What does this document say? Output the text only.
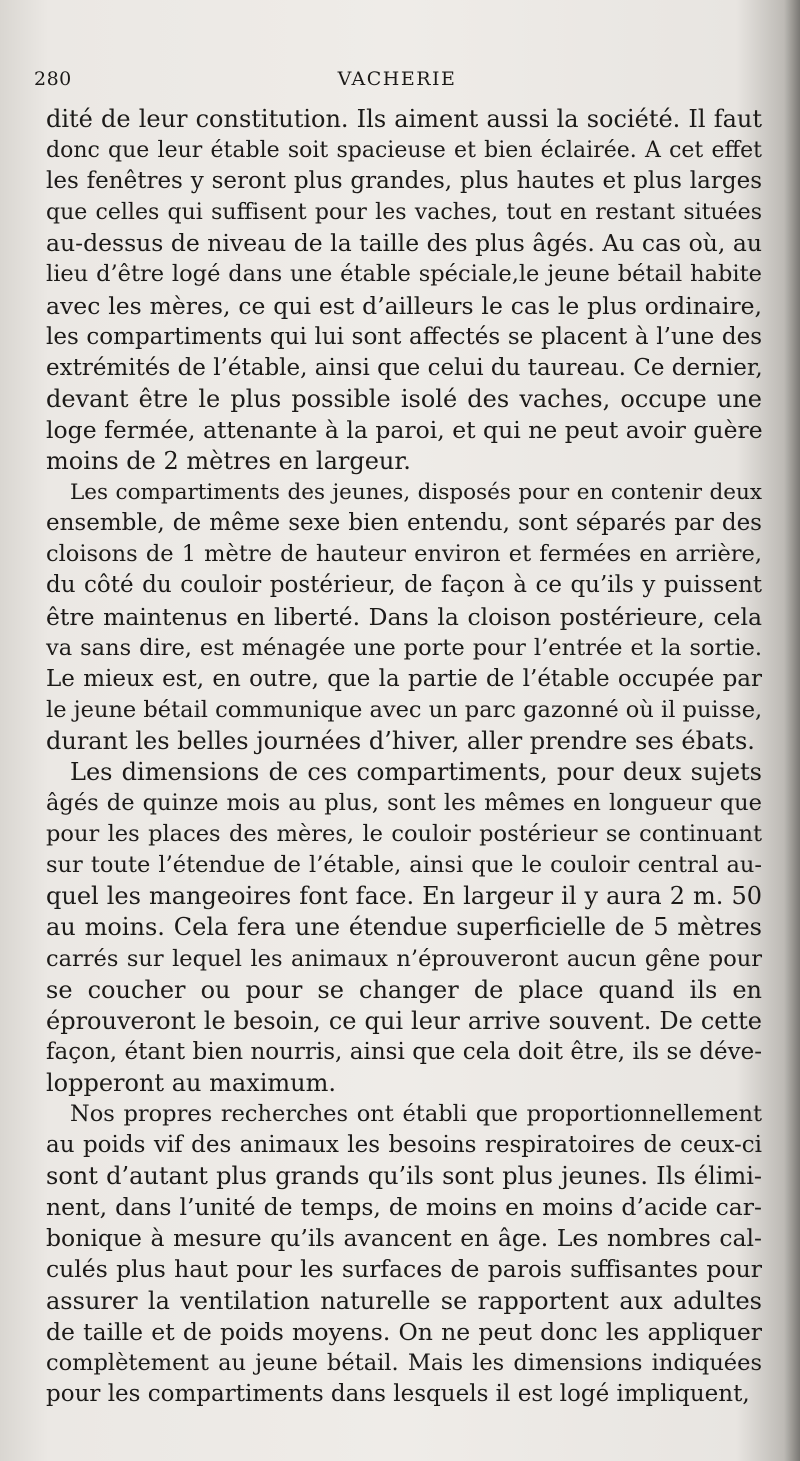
280	VACHERIE
dité de leur constitution. Ils aiment aussi la société. Il faut
donc que leur étable soit spacieuse et bien éclairée. A cet effet
les fenêtres y seront plus grandes, plus hautes et plus larges
que celles qui suffisent pour les vaches, tout en restant situées
au-dessus de niveau de la taille des plus âgés. Au cas où, au
lieu d’être logé dans une étable spéciale,le jeune bétail habite
avec les mères, ce qui est d’ailleurs le cas le plus ordinaire,
les compartiments qui lui sont affectés se placent à l’une des
extrémités de l’étable, ainsi que celui du taureau. Ce dernier,
devant être le plus possible isolé des vaches, occupe une
loge fermée, attenante à la paroi, et qui ne peut avoir guère
moins de 2 mètres en largeur.
Les compartiments des jeunes, disposés pour en contenir deux
ensemble, de même sexe bien entendu, sont séparés par des
cloisons de 1 mètre de hauteur environ et fermées en arrière,
du côté du couloir postérieur, de façon à ce qu’ils y puissent
être maintenus en liberté. Dans la cloison postérieure, cela
va sans dire, est ménagée une porte pour l’entrée et la sortie.
Le mieux est, en outre, que la partie de l’étable occupée par
le jeune bétail communique avec un parc gazonné où il puisse,
durant les belles journées d’hiver, aller prendre ses ébats.
Les dimensions de ces compartiments, pour deux sujets
âgés de quinze mois au plus, sont les mêmes en longueur que
pour les places des mères, le couloir postérieur se continuant
sur toute l’étendue de l’étable, ainsi que le couloir central au-
quel les mangeoires font face. En largeur il y aura 2 m. 50
au moins. Cela fera une étendue superficielle de 5 mètres
carrés sur lequel les animaux n’éprouveront aucun gêne pour
se coucher ou pour se changer de place quand ils en
éprouveront le besoin, ce qui leur arrive souvent. De cette
façon, étant bien nourris, ainsi que cela doit être, ils se déve-
lopperont au maximum.
Nos propres recherches ont établi que proportionnellement
au poids vif des animaux les besoins respiratoires de ceux-ci
sont d’autant plus grands qu’ils sont plus jeunes. Ils élimi-
nent, dans l’unité de temps, de moins en moins d’acide car-
bonique à mesure qu’ils avancent en âge. Les nombres cal-
culés plus haut pour les surfaces de parois suffisantes pour
assurer la ventilation naturelle se rapportent aux adultes
de taille et de poids moyens. On ne peut donc les appliquer
complètement au jeune bétail. Mais les dimensions indiquées
pour les compartiments dans lesquels il est logé impliquent,
